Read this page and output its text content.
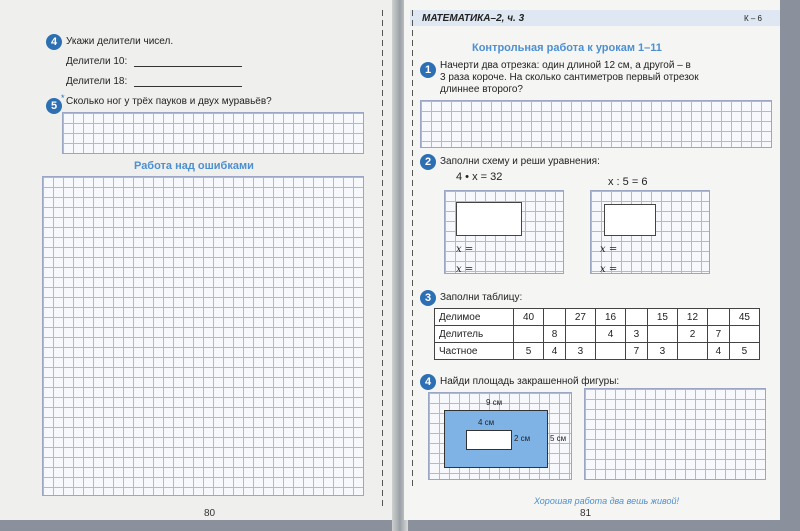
4 Укажи делители чисел.
Делители 10:
Делители 18:
5
* Сколько ног у трёх пауков и двух муравьёв?
Работа над ошибками
80
МАТЕМАТИКА–2, ч. 3	К – 6
Контрольная работа к урокам 1–11
1 Начерти два отрезка: один длиной 12 см, а другой – в
3 раза короче. На сколько сантиметров первый отрезок
длиннее второго?
2 Заполни схему и реши уравнения:
4 • x = 32	x : 5 = 6
x =
x =
x =
x =
3 Заполни таблицу:
Делимое	40		27	16		15	12		45
Делитель		8		4	3		2	7	
Частное	5	4	3		7	3		4	5
4 Найди площадь закрашенной фигуры:
9 см
4 см
2 см 5 см
Хорошая работа два вешь живой!
81
